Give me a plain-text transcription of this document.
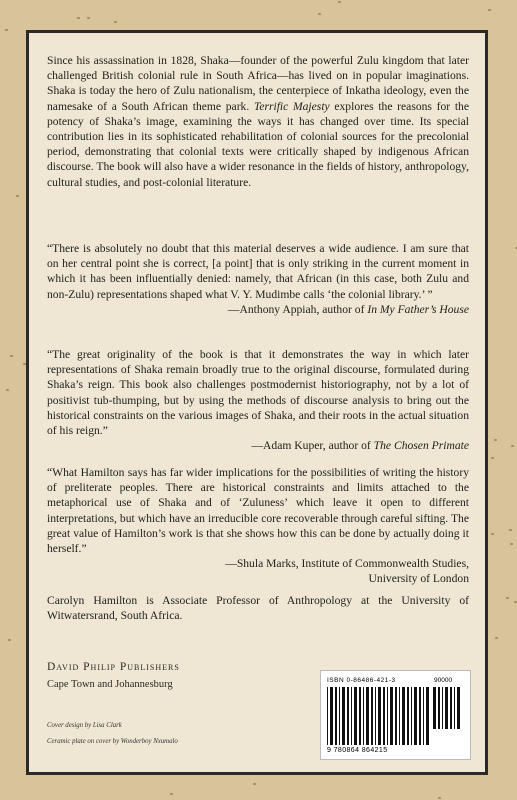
Since his assassination in 1828, Shaka—founder of the powerful Zulu kingdom that later challenged British colonial rule in South Africa—has lived on in popular imaginations. Shaka is today the hero of Zulu nationalism, the centerpiece of Inkatha ideology, even the namesake of a South African theme park. Terrific Majesty explores the reasons for the potency of Shaka’s image, examining the ways it has changed over time. Its special contribution lies in its sophisticated rehabilitation of colonial sources for the precolonial period, demonstrating that colonial texts were critically shaped by indigenous African discourse. The book will also have a wider resonance in the fields of history, anthropology, cultural studies, and post-colonial literature.

“There is absolutely no doubt that this material deserves a wide audience. I am sure that on her central point she is correct, [a point] that is only striking in the current moment in which it has been influentially denied: namely, that African (in this case, both Zulu and non-Zulu) representations shaped what V. Y. Mudimbe calls ‘the colonial library.’ ”

—Anthony Appiah, author of In My Father’s House

“The great originality of the book is that it demonstrates the way in which later representations of Shaka remain broadly true to the original discourse, formulated during Shaka’s reign. This book also challenges postmodernist historiography, not by a lot of positivist tub-thumping, but by using the methods of discourse analysis to bring out the historical constraints on the various images of Shaka, and their roots in the actual situation of his reign.”

—Adam Kuper, author of The Chosen Primate

“What Hamilton says has far wider implications for the possibilities of writing the history of preliterate peoples. There are historical constraints and limits attached to the metaphorical use of Shaka and of ‘Zuluness’ which leave it open to different interpretations, but which have an irreducible core recoverable through careful sifting. The great value of Hamilton’s work is that she shows how this can be done by actually doing it herself.”

—Shula Marks, Institute of Commonwealth Studies,
University of London

Carolyn Hamilton is Associate Professor of Anthropology at the University of Witwatersrand, South Africa.

David Philip Publishers
Cape Town and Johannesburg
Cover design by Lisa Clark
Ceramic plate on cover by Wonderboy Nxumalo
ISBN 0-86486-421-3	90000
9 780864 864215
